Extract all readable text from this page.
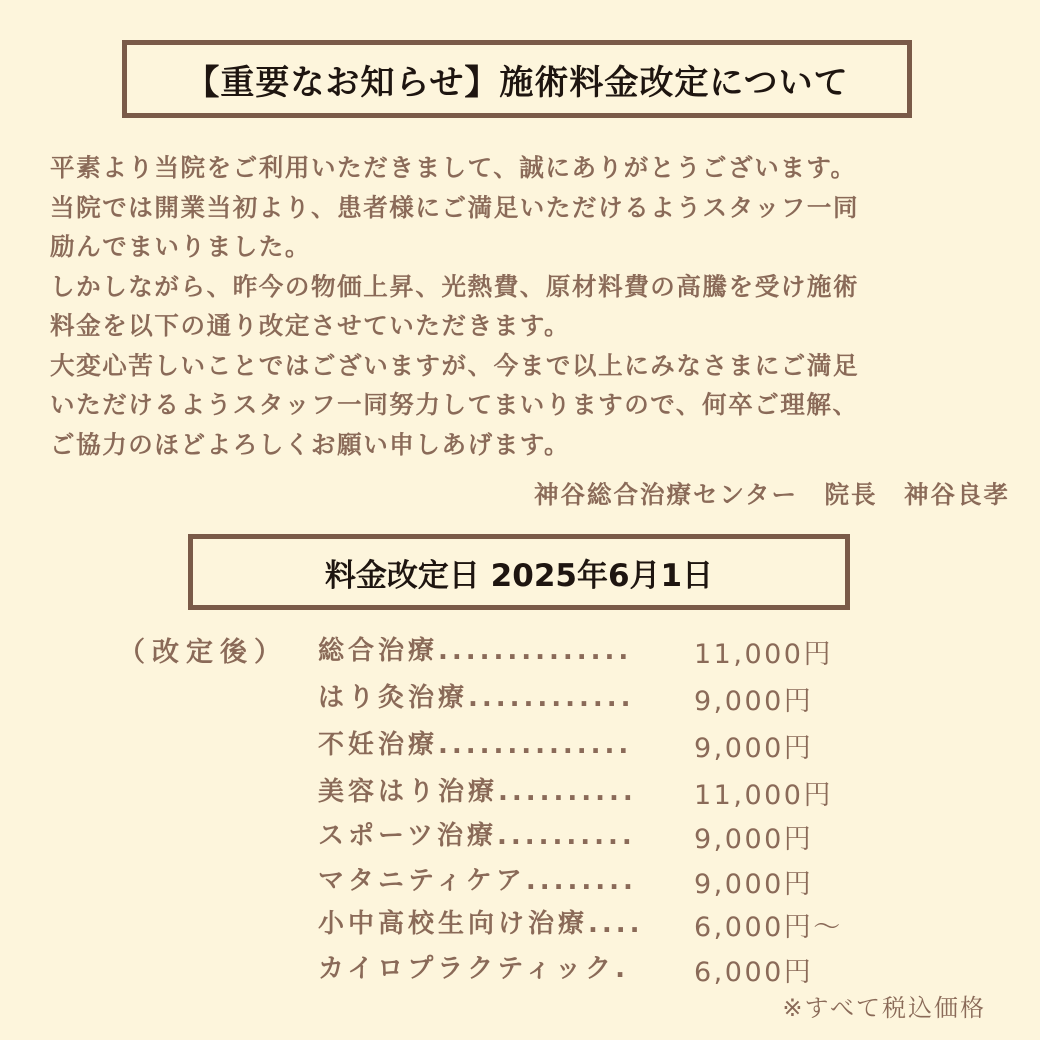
【重要なお知らせ】施術料金改定について
平素より当院をご利用いただきまして、誠にありがとうございます。
当院では開業当初より、患者様にご満足いただけるようスタッフ一同
励んでまいりました。
しかしながら、昨今の物価上昇、光熱費、原材料費の高騰を受け施術
料金を以下の通り改定させていただきます。
大変心苦しいことではございますが、今まで以上にみなさまにご満足
いただけるようスタッフ一同努力してまいりますので、何卒ご理解、
ご協力のほどよろしくお願い申しあげます。
神谷総合治療センター　院長　神谷良孝
料金改定日 2025年6月1日
（改定後） 総合治療.............. 11,000円
はり灸治療............ 9,000円
不妊治療.............. 9,000円
美容はり治療.......... 11,000円
スポーツ治療.......... 9,000円
マタニティケア........ 9,000円
小中高校生向け治療.... 6,000円〜
カイロプラクティック. 6,000円
※すべて税込価格
